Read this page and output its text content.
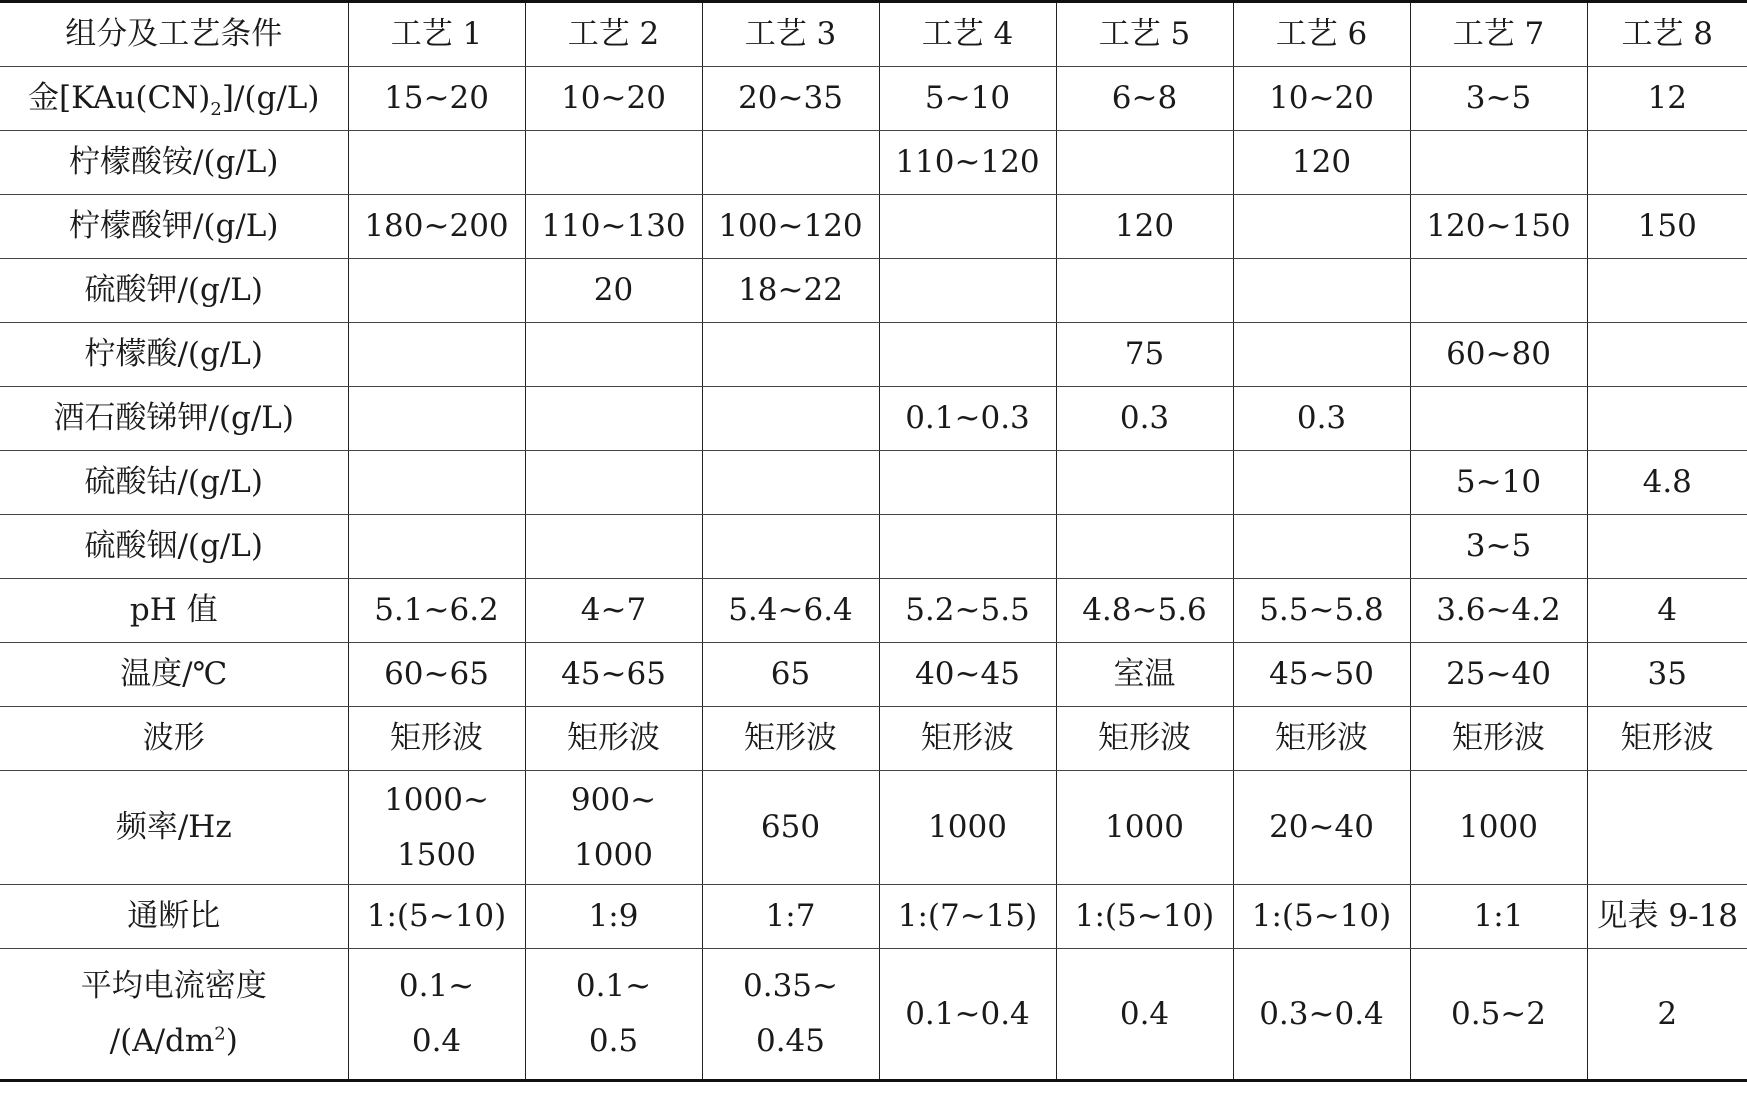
组分及工艺条件	工艺 1	工艺 2	工艺 3	工艺 4	工艺 5	工艺 6	工艺 7	工艺 8
金$[KAu(CN)_2]/(g/L)$	15~20	10~20	20~35	5~10	6~8	10~20	3~5	12
柠檬酸铵/(g/L)				110~120		120		
柠檬酸钾/(g/L)	180~200	110~130	100~120		120		120~150	150
硫酸钾/(g/L)		20	18~22					
柠檬酸/(g/L)					75		60~80	
酒石酸锑钾/(g/L)				0.1~0.3	0.3	0.3		
硫酸钴/(g/L)							5~10	4.8
硫酸铟/(g/L)							3~5	
pH 值	5.1~6.2	4~7	5.4~6.4	5.2~5.5	4.8~5.6	5.5~5.8	3.6~4.2	4
温度/℃	60~65	45~65	65	40~45	室温	45~50	25~40	35
波形	矩形波	矩形波	矩形波	矩形波	矩形波	矩形波	矩形波	矩形波
频率/Hz	1000~
1500	900~
1000	650	1000	1000	20~40	1000	
通断比	1:(5~10)	1:9	1:7	1:(7~15)	1:(5~10)	1:(5~10)	1:1	见表 9-18

平均电流密度
$/(A/dm^2)$	0.1~
0.4	0.1~
0.5	0.35~
0.45	0.1~0.4	0.4	0.3~0.4	0.5~2	2
